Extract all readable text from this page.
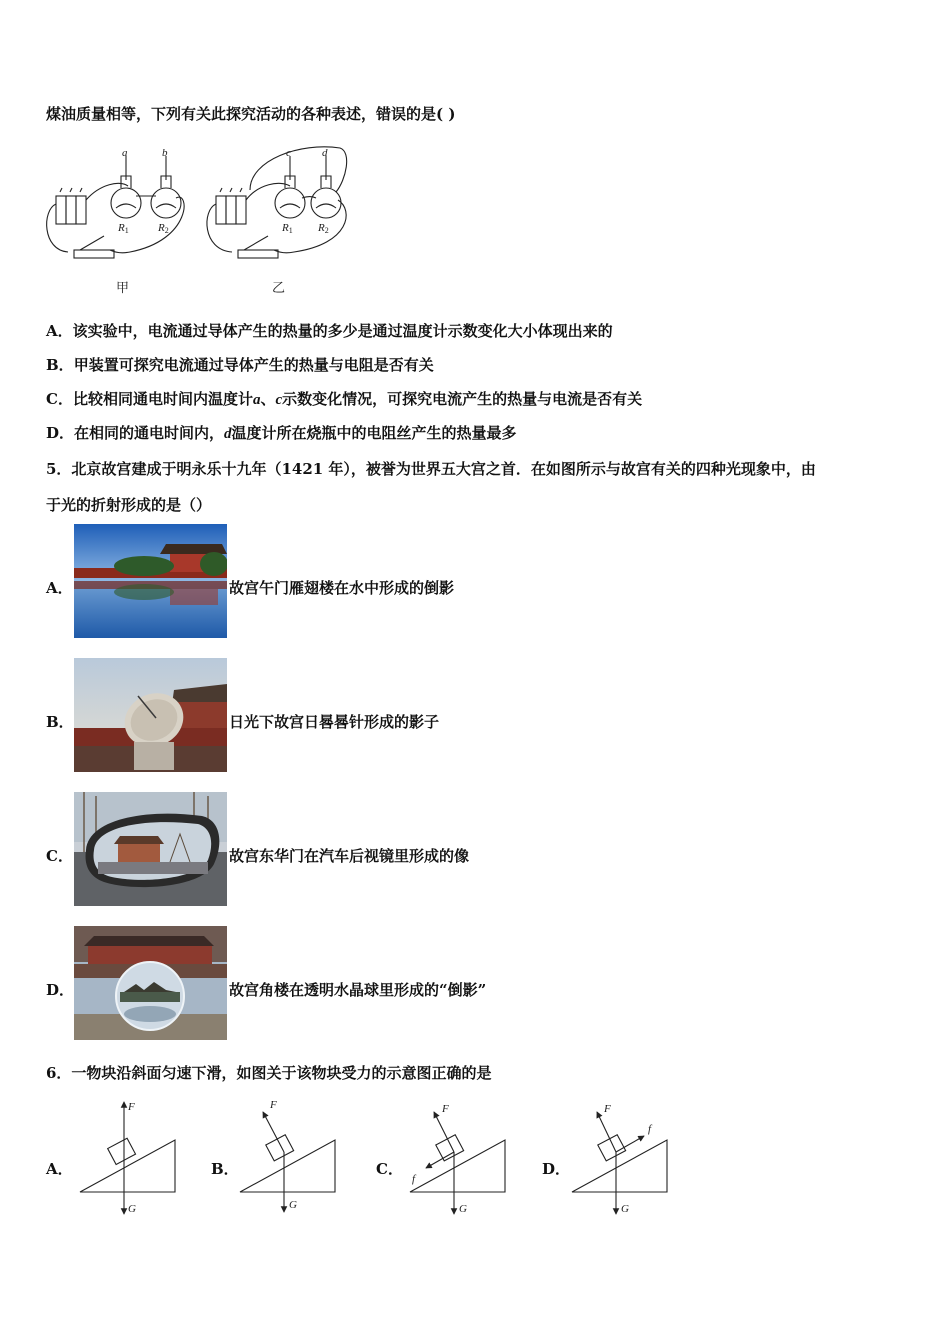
煤油质量相等，下列有关此探究活动的各种表述，错误的是( )
a	b	c	d
R1	R2	R1 R2
甲	乙
A．该实验中，电流通过导体产生的热量的多少是通过温度计示数变化大小体现出来的
B．甲装置可探究电流通过导体产生的热量与电阻是否有关
C．比较相同通电时间内温度计a、c示数变化情况，可探究电流产生的热量与电流是否有关
D．在相同的通电时间内，d温度计所在烧瓶中的电阻丝产生的热量最多
5．北京故宫建成于明永乐十九年（1421 年），被誉为世界五大宫之首．在如图所示与故宫有关的四种光现象中，由
于光的折射形成的是（）
A．	故宫午门雁翅楼在水中形成的倒影
B．	日光下故宫日晷晷针形成的影子
C．	故宫东华门在汽车后视镜里形成的像
D．	故宫角楼在透明水晶球里形成的“倒影”
6．一物块沿斜面匀速下滑，如图关于该物块受力的示意图正确的是
A．	B．	C．	D．
F
G
F
G
F
G
f
F
G
f
